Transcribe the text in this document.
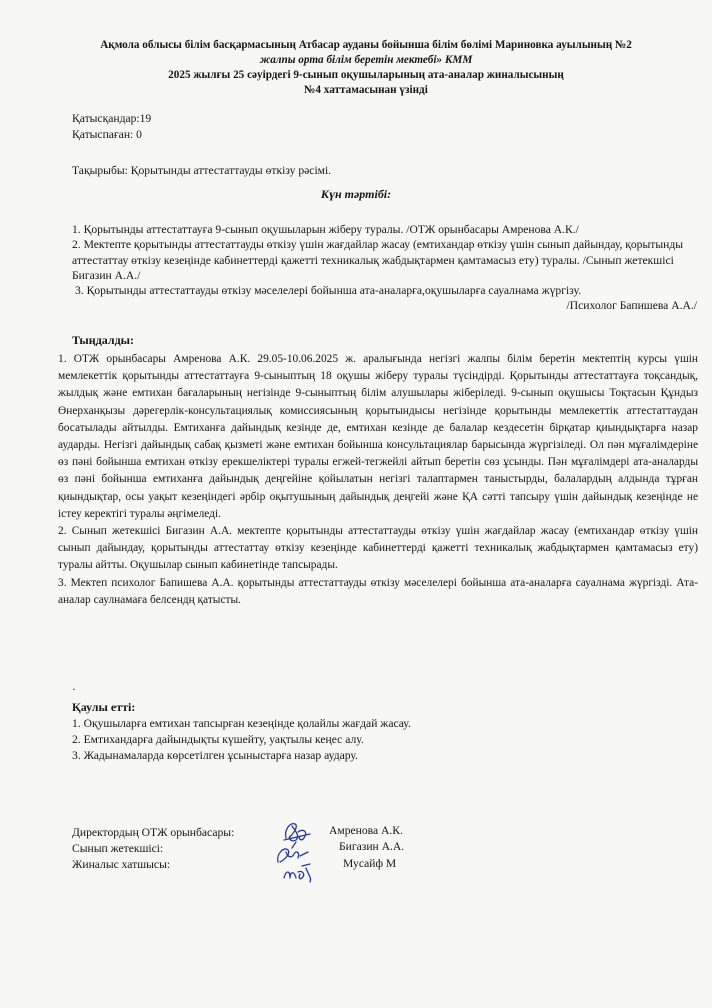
Ақмола облысы білім басқармасының Атбасар ауданы бойынша білім бөлімі Мариновка ауылының №2
жалпы орта білім беретін мектебі» КММ
2025 жылғы 25 сәуірдегі 9-сынып оқушыларының ата-аналар жиналысының
№4 хаттамасынан үзінді
Қатысқандар:19
Қатыспаған: 0
Тақырыбы: Қорытынды аттестаттауды өткізу рәсімі.
Күн тәртібі:

1. Қорытынды аттестаттауға 9-сынып оқушыларын жіберу туралы. /ОТЖ орынбасары Амренова А.К./

2. Мектепте қорытынды аттестаттауды өткізу үшін жағдайлар жасау (емтихандар өткізу үшін сынып дайындау, қорытынды аттестаттау өткізу кезеңінде кабинеттерді қажетті техникалық жабдықтармен қамтамасыз ету) туралы. /Сынып жетекшісі Бигазин А.А./

3. Қорытынды аттестаттауды өткізу мәселелері бойынша ата-аналарға,оқушыларға сауалнама жүргізу.

/Психолог Бапишева А.А./

Тыңдалды:

1. ОТЖ орынбасары Амренова А.К. 29.05-10.06.2025 ж. аралығында негізгі жалпы білім беретін мектептің курсы үшін мемлекеттік қорытынды аттестаттауға 9-сыныптың 18 оқушы жіберу туралы түсіндірді. Қорытынды аттестаттауға тоқсандық, жылдық және емтихан бағаларының негізінде 9-сыныптың білім алушылары жіберіледі. 9-сынып оқушысы Тоқтасын Құндыз Өнерханқызы дәрегерлік-консультациялық комиссиясының қорытындысы негізінде қорытынды мемлекеттік аттестаттаудан босатылады айтылды. Емтиханға дайындық кезінде де, емтихан кезінде де балалар кездесетін бірқатар қиындықтарға назар аударды. Негізгі дайындық сабақ қызметі және емтихан бойынша консультациялар барысында жүргізіледі. Ол пән мұғалімдеріне өз пәні бойынша емтихан өткізу ерекшеліктері туралы егжей-тегжейлі айтып беретін сөз ұсынды. Пән мұғалімдері ата-аналарды өз пәні бойынша емтиханға дайындық деңгейіне қойылатын негізгі талаптармен таныстырды, балалардың алдында тұрған қиындықтар, осы уақыт кезеңіндегі әрбір оқытушының дайындық деңгейі және ҚА сәтті тапсыру үшін дайындық кезеңінде не істеу керектігі туралы әңгімеледі.

2. Сынып жетекшісі Бигазин А.А. мектепте қорытынды аттестаттауды өткізу үшін жағдайлар жасау (емтихандар өткізу үшін сынып дайындау, қорытынды аттестаттау өткізу кезеңінде кабинеттерді қажетті техникалық жабдықтармен қамтамасыз ету) туралы айтты. Оқушылар сынып кабинетінде тапсырады.

3. Мектеп психолог Бапишева А.А. қорытынды аттестаттауды өткізу мәселелері бойынша ата-аналарға сауалнама жүргізді. Ата-аналар саулнамаға белсендң қатысты.

·
Қаулы етті:
1. Оқушыларға емтихан тапсырған кезеңінде қолайлы жағдай жасау.
2. Емтихандарға дайындықты күшейту, уақтылы кеңес алу.
3. Жадынамаларда көрсетілген ұсыныстарға назар аудару.
Директордың ОТЖ орынбасары:	Амренова А.К.
Сынып жетекшісі:	Бигазин А.А.
Жиналыс хатшысы:	Мусайф М
